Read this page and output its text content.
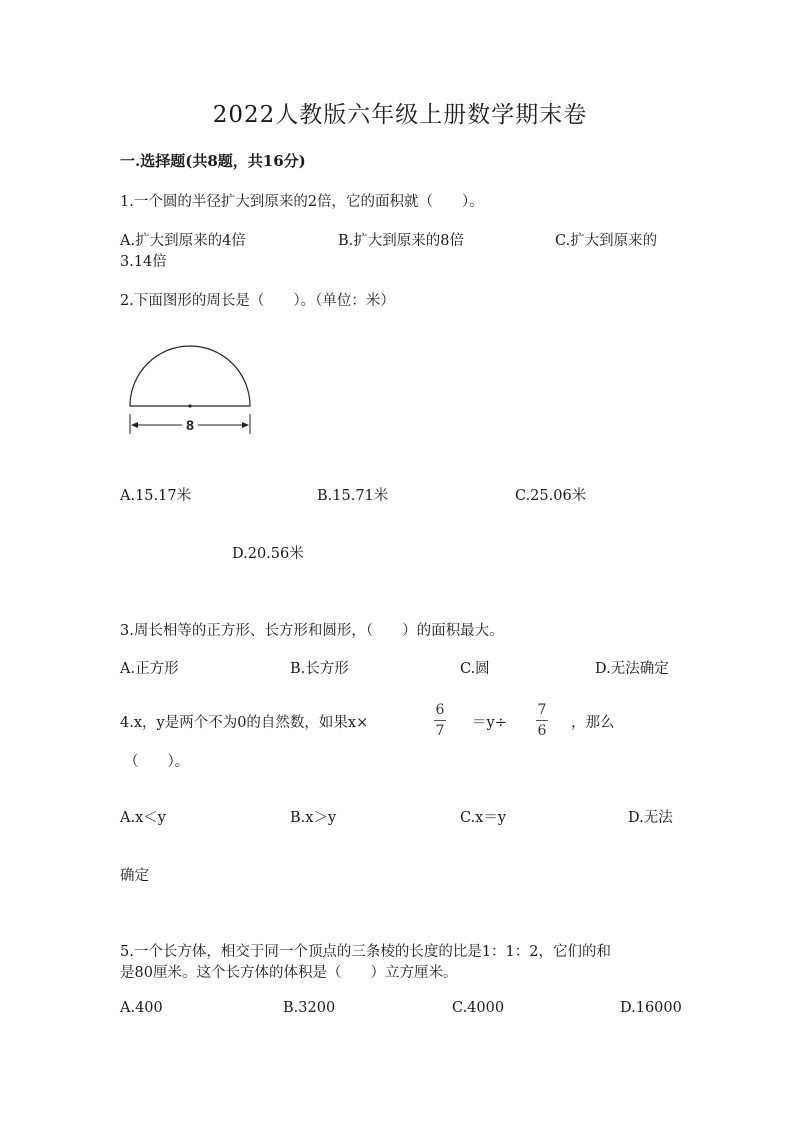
2022人教版六年级上册数学期末卷
一.选择题(共8题，共16分)
1.一个圆的半径扩大到原来的2倍，它的面积就（　　）。
A.扩大到原来的4倍	B.扩大到原来的8倍	C.扩大到原来的
3.14倍
2.下面图形的周长是（　　）。（单位：米）
8
A.15.17米	B.15.71米	C.25.06米
D.20.56米
3.周长相等的正方形、长方形和圆形，（　　）的面积最大。
A.正方形	B.长方形	C.圆	D.无法确定
4.x，y是两个不为0的自然数，如果x×
6
7	＝y÷
7
6	，那么
（　　）。
A.x＜y	B.x＞y	C.x＝y	D.无法
确定
5.一个长方体，相交于同一个顶点的三条棱的长度的比是1：1：2，它们的和
是80厘米。这个长方体的体积是（　　）立方厘米。
A.400	B.3200	C.4000	D.16000
